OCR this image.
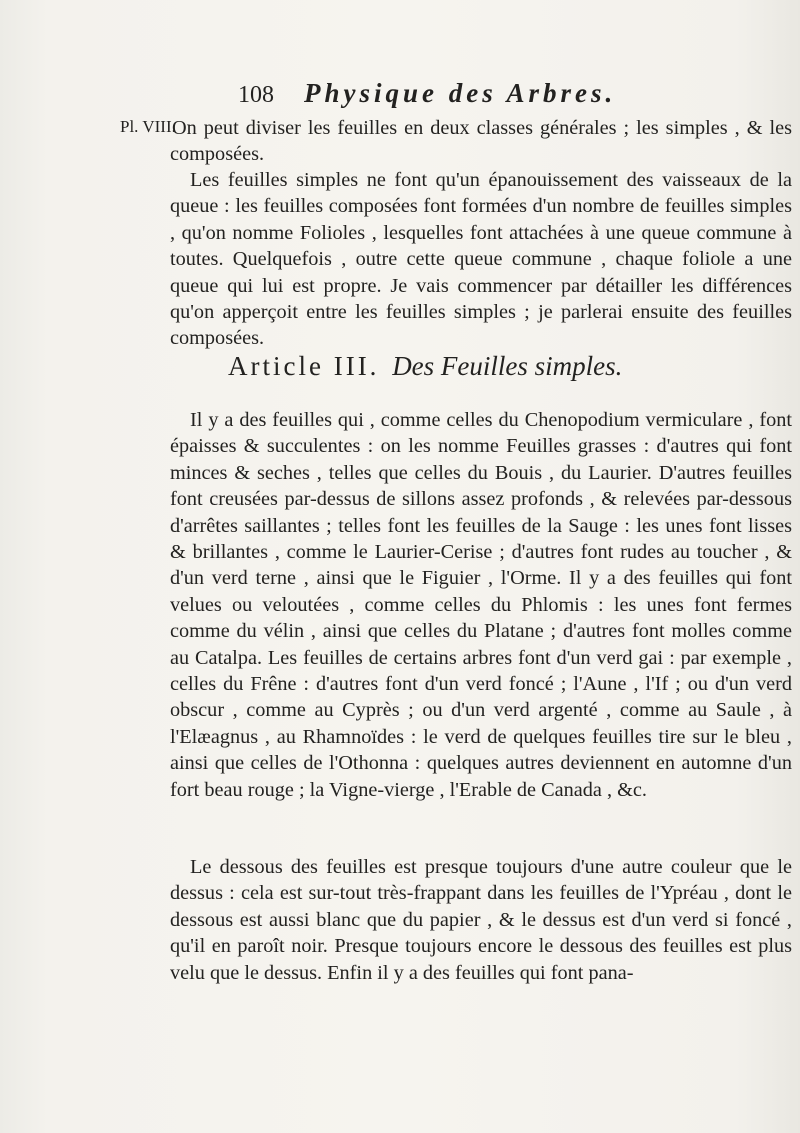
108 Physique des Arbres.
Pl. VIII.

On peut diviser les feuilles en deux classes générales ; les simples , & les composées.

Les feuilles simples ne font qu'un épanouissement des vaisseaux de la queue : les feuilles composées font formées d'un nombre de feuilles simples , qu'on nomme Folioles , lesquelles font attachées à une queue commune à toutes. Quelquefois , outre cette queue commune , chaque foliole a une queue qui lui est propre. Je vais commencer par détailler les différences qu'on apperçoit entre les feuilles simples ; je parlerai ensuite des feuilles composées.

Article III. Des Feuilles simples.

Il y a des feuilles qui , comme celles du Chenopodium vermiculare , font épaisses & succulentes : on les nomme Feuilles grasses : d'autres qui font minces & seches , telles que celles du Bouis , du Laurier. D'autres feuilles font creusées par-dessus de sillons assez profonds , & relevées par-dessous d'arrêtes saillantes ; telles font les feuilles de la Sauge : les unes font lisses & brillantes , comme le Laurier-Cerise ; d'autres font rudes au toucher , & d'un verd terne , ainsi que le Figuier , l'Orme. Il y a des feuilles qui font velues ou veloutées , comme celles du Phlomis : les unes font fermes comme du vélin , ainsi que celles du Platane ; d'autres font molles comme au Catalpa. Les feuilles de certains arbres font d'un verd gai : par exemple , celles du Frêne : d'autres font d'un verd foncé ; l'Aune , l'If ; ou d'un verd obscur , comme au Cyprès ; ou d'un verd argenté , comme au Saule , à l'Elæagnus , au Rhamnoïdes : le verd de quelques feuilles tire sur le bleu , ainsi que celles de l'Othonna : quelques autres deviennent en automne d'un fort beau rouge ; la Vigne-vierge , l'Erable de Canada , &c.

Le dessous des feuilles est presque toujours d'une autre couleur que le dessus : cela est sur-tout très-frappant dans les feuilles de l'Ypréau , dont le dessous est aussi blanc que du papier , & le dessus est d'un verd si foncé , qu'il en paroît noir. Presque toujours encore le dessous des feuilles est plus velu que le dessus. Enfin il y a des feuilles qui font pana-
